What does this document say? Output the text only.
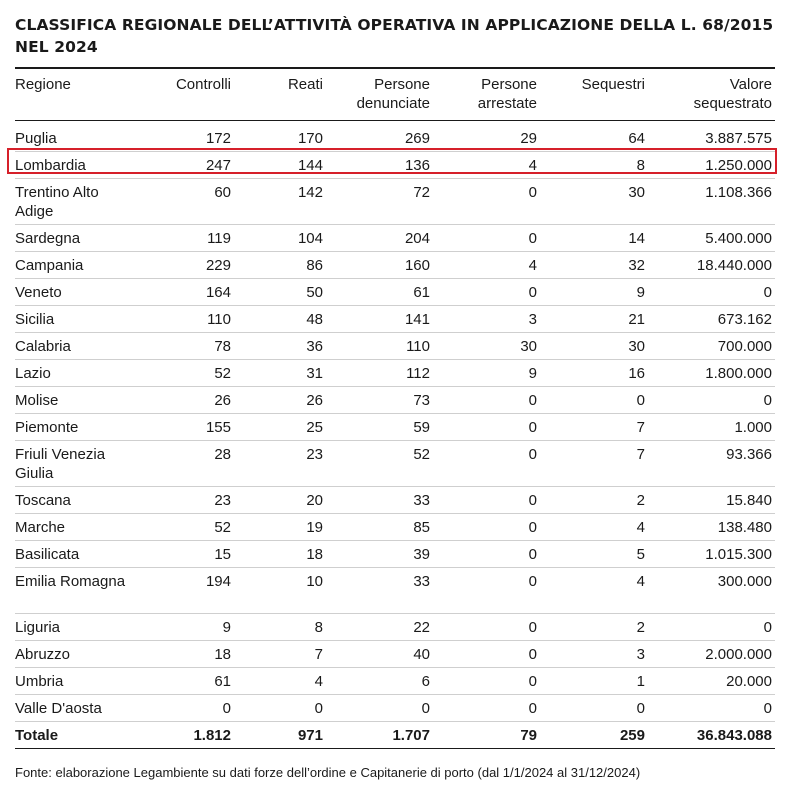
CLASSIFICA REGIONALE DELL’ATTIVITÀ OPERATIVA IN APPLICAZIONE DELLA L. 68/2015 NEL 2024
Regione	Controlli	Reati	Persone denunciate	Persone arrestate	Sequestri	Valore sequestrato
Puglia	172	170	269	29	64	3.887.575
Lombardia	247	144	136	4	8	1.250.000
Trentino Alto Adige	60	142	72	0	30	1.108.366
Sardegna	119	104	204	0	14	5.400.000
Campania	229	86	160	4	32	18.440.000
Veneto	164	50	61	0	9	0
Sicilia	110	48	141	3	21	673.162
Calabria	78	36	110	30	30	700.000
Lazio	52	31	112	9	16	1.800.000
Molise	26	26	73	0	0	0
Piemonte	155	25	59	0	7	1.000
Friuli Venezia Giulia	28	23	52	0	7	93.366
Toscana	23	20	33	0	2	15.840
Marche	52	19	85	0	4	138.480
Basilicata	15	18	39	0	5	1.015.300
Emilia Romagna	194	10	33	0	4	300.000
Liguria	9	8	22	0	2	0
Abruzzo	18	7	40	0	3	2.000.000
Umbria	61	4	6	0	1	20.000
Valle D'aosta	0	0	0	0	0	0
Totale	1.812	971	1.707	79	259	36.843.088
Fonte: elaborazione Legambiente su dati forze dell’ordine e Capitanerie di porto (dal 1/1/2024 al 31/12/2024)
